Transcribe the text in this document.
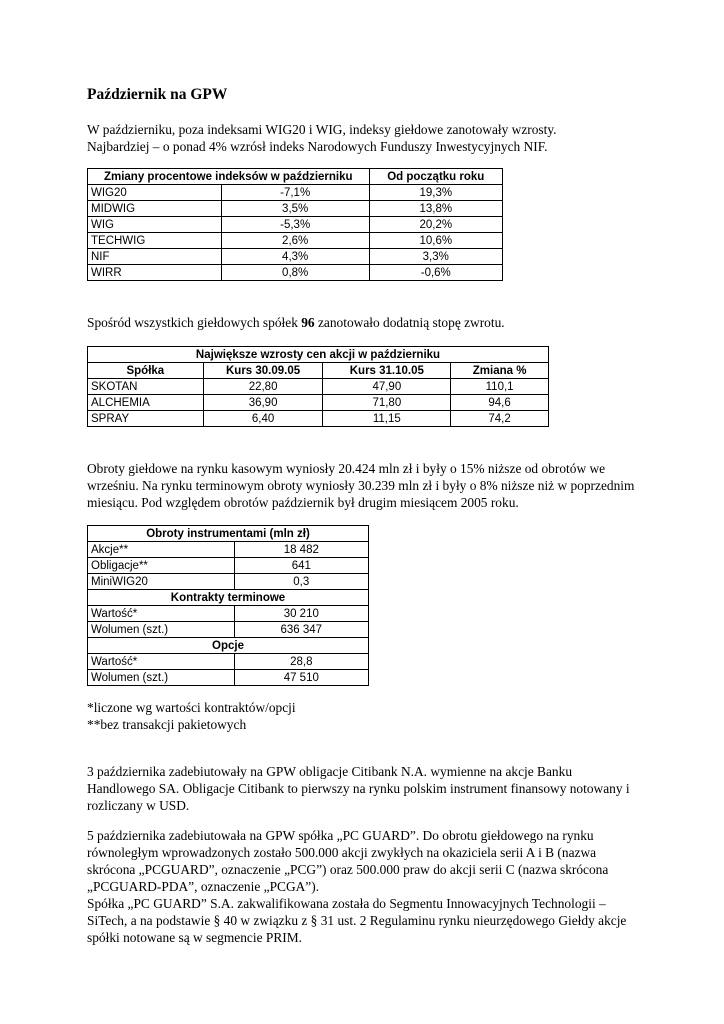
Październik na GPW

W październiku, poza indeksami WIG20 i WIG, indeksy giełdowe zanotowały wzrosty.
Najbardziej – o ponad 4% wzrósł indeks Narodowych Funduszy Inwestycyjnych NIF.

Zmiany procentowe indeksów w październiku		Od początku roku
WIG20	-7,1%	19,3%
MIDWIG	3,5%	13,8%
WIG	-5,3%	20,2%
TECHWIG	2,6%	10,6%
NIF	4,3%	3,3%
WIRR	0,8%	-0,6%

Spośród wszystkich giełdowych spółek 96 zanotowało dodatnią stopę zwrotu.

Największe wzrosty cen akcji w październiku			
Spółka	Kurs 30.09.05	Kurs 31.10.05	Zmiana %
SKOTAN	22,80	47,90	110,1
ALCHEMIA	36,90	71,80	94,6
SPRAY	6,40	11,15	74,2

Obroty giełdowe na rynku kasowym wyniosły 20.424 mln zł i były o 15% niższe od obrotów we
wrześniu. Na rynku terminowym obroty wyniosły 30.239 mln zł i były o 8% niższe niż w poprzednim
miesiącu. Pod względem obrotów październik był drugim miesiącem 2005 roku.

Obroty instrumentami (mln zł)	
Akcje**	18 482
Obligacje**	641
MiniWIG20	0,3
Kontrakty terminowe	
Wartość*	30 210
Wolumen (szt.)	636 347
Opcje	
Wartość*	28,8
Wolumen (szt.)	47 510

*liczone wg wartości kontraktów/opcji
**bez transakcji pakietowych

3 października zadebiutowały na GPW obligacje Citibank N.A. wymienne na akcje Banku
Handlowego SA. Obligacje Citibank to pierwszy na rynku polskim instrument finansowy notowany i
rozliczany w USD.

5 października zadebiutowała na GPW spółka „PC GUARD”. Do obrotu giełdowego na rynku
równoległym wprowadzonych zostało 500.000 akcji zwykłych na okaziciela serii A i B (nazwa
skrócona „PCGUARD”, oznaczenie „PCG”) oraz 500.000 praw do akcji serii C (nazwa skrócona
„PCGUARD-PDA”, oznaczenie „PCGA”).
Spółka „PC GUARD” S.A. zakwalifikowana została do Segmentu Innowacyjnych Technologii –
SiTech, a na podstawie § 40 w związku z § 31 ust. 2 Regulaminu rynku nieurzędowego Giełdy akcje
spółki notowane są w segmencie PRIM.
